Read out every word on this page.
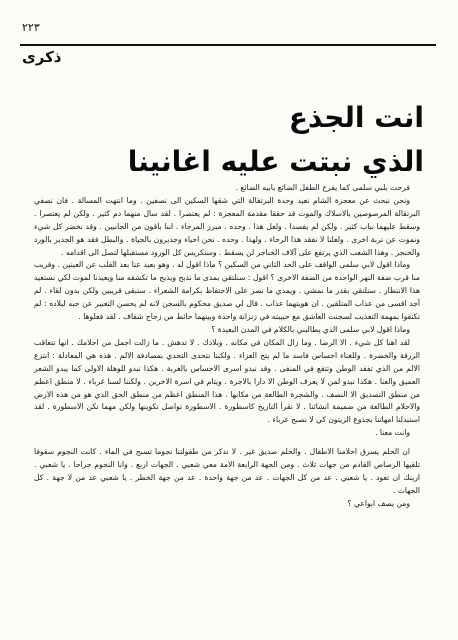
٢٢٣
ذكرى
انت الجذع
الذي نبتت عليه اغانينا

فرحت بلبي سلمى كما يفرح الطفل الضائع بابيه الضائع .

ونحن نبحث عن معجزة الشام نعيد وحدة البرتقالة التي شقها السكين الى نصفين . وما انتهت المسالة . فان نصفي البرتقالة المرصوصين بالاسلاك والموت قد حققا مقدمة المعجزة : لم يعتصرا . لقد سال منهما دم كثير . ولكن لم يعتصرا . وسقط عليهما نباب كثير . ولكن لم يفسدا . ولعل هذا . وحده . مبرر المرجاء . اننا باقون من الجانبين . وقد نخضر كل شيء ونموت عن تربة اخرى . ولعلنا لا نفقد هذا الرجاء . ولهذا . وحده . نحن احياء وجديرون بالحياة . والبطل فقد هو الجدير بالورد والخنجر . وهذا الشعب الذي يرتفع على آلاف الخناجر لن يسقط . وستكريس كل الورود مستقبلها لتصل الى اقدامه .

وماذا اقول لابي سلمى الواقف على الحد الثاني من السكين ؟ ماذا اقول له . وهو بعيد عنا بعد القلب عن العينين . وقريب منا قرب ضفة النهر الواحدة من الضفة الاخرى ؟ اقول : سنلتقي بمدى ما نذبح ويذبح ما تكشفه منا ويعيدنا لموت لكي نستعيد هذا الانتظار . سنلتقي بقدر ما نمشي . ويمدي ما نصر على الاحتفاظ بكرامة الشعراء . ستبقى قريبين ولكن بدون لقاء . لم أجد اقسى من عذاب المتلقين . ان هويتهما عذاب . قال لي صديق محكوم بالسجن لانه لم يحسن التعبير عن حبه لبلاده : لم تكتفوا بمهمة التعذيب لسجنت العاشق مع حبيبته في زنزانة واحدة وبينهما حائط من زجاج شفاف . لقد فعلوها .

وماذا اقول لابي سلمى الذي يطالبني بالكلام في المدن البعيدة ؟

لقد اهنا كل شيء . الا الرضا . وما زال المكان في مكانه . وبلادك . لا تدهش . ما زالت اجمل من احلامك . انها تتعاقب الزرقة والخضرة . وللغناء احساس فاسد ما لم يتح العزاء . ولكننا نتحدى التحدي بمصادفة الالم . هذه هي المعادلة : انتزع الالم من الذي تفقد الوطن وتتقع في المنفى . وقد نبدو اسرى الاحساس بالغربة . هكذا نبدو للوهلة الاولى كما يبدو الشعر العميق والعنا . هكذا نبدو لمن لا يعرف الوطن الا دارا بالاجرة . ويتام في اسرة الاخرين . ولكننا لسنا غرباء . لا منطق اعظم من منطق التصديق الا النصف . والشجرة الطالعة من مكانها . هذا المنطق اعظم من منطق الحق الذي هو من هذه الارض والاحلام الطالعة من ضميمة انشائنا . لا نقرأ التاريخ كاسطورة . الاسطورة تواصل تكوينها ولكن مهما تكن الاسطورة . لقد استبدلنا امهاتنا بجذوع الزيتون كي لا نصبح غرباء .

وانت معنا .

ان الحلم يسرق احلامنا الاطفال . والحلم صديق غير . لا ندكر من طفولتنا نجوما تسبح في الماء . كانت النجوم سقوفا تلقيها الرصاص القادم من جهات ثلاث . ومن الجهة الرابعة الامة معي شعبي . الجهات اربع . وانا النجوم جراحا . يا شعبي . ارينك ان تعود . يا شعبي . عد من كل الجهات . عد من جهة واحدة . عد من جهة الخطر . يا شعبي عد من لا جهة . كل الجهات .

ومن يصف ابواعي ؟
